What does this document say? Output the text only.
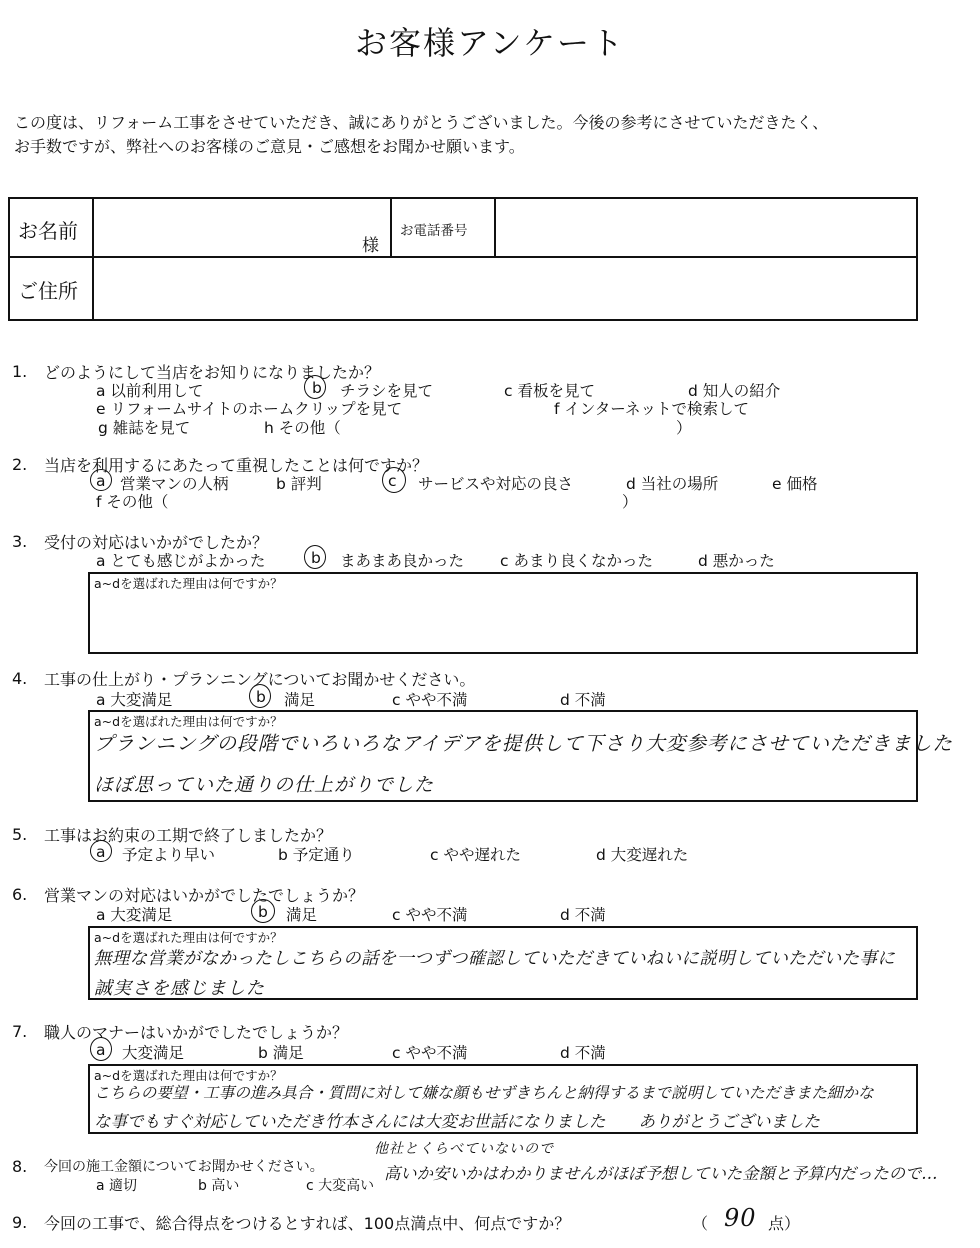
お客様アンケート
この度は、リフォーム工事をさせていただき、誠にありがとうございました。今後の参考にさせていただきたく、
お手数ですが、弊社へのお客様のご意見・ご感想をお聞かせ願います。
お名前
様
お電話番号
ご住所
1. どのようにして当店をお知りになりましたか？
a 以前利用して	b チラシを見て	c 看板を見て	d 知人の紹介
e リフォームサイトのホームクリップを見て	f インターネットで検索して
g 雑誌を見て	h その他（	）
2. 当店を利用するにあたって重視したことは何ですか？
a 営業マンの人柄	b 評判	c サービスや対応の良さ	d 当社の場所	e 価格
f その他（	）
3. 受付の対応はいかがでしたか？
a とても感じがよかった	b まあまあ良かった c あまり良くなかった	d 悪かった
a~dを選ばれた理由は何ですか？
4. 工事の仕上がり・プランニングについてお聞かせください。
a 大変満足	b 満足	c やや不満	d 不満
a~dを選ばれた理由は何ですか？
プランニングの段階でいろいろなアイデアを提供して下さり大変参考にさせていただきました
ほぼ思っていた通りの仕上がりでした
5. 工事はお約束の工期で終了しましたか？
a 予定より早い	b 予定通り	c やや遅れた	d 大変遅れた
6. 営業マンの対応はいかがでしたでしょうか？
a 大変満足	b 満足	c やや不満	d 不満
a~dを選ばれた理由は何ですか？
無理な営業がなかったしこちらの話を一つずつ確認していただきていねいに説明していただいた事に
誠実さを感じました
7. 職人のマナーはいかがでしたでしょうか？
a 大変満足	b 満足	c やや不満	d 不満
a~dを選ばれた理由は何ですか？
こちらの要望・工事の進み具合・質問に対して嫌な顔もせずきちんと納得するまで説明していただきまた細かな
な事でもすぐ対応していただき竹本さんには大変お世話になりました　　ありがとうございました
8. 今回の施工金額についてお聞かせください。
a 適切	b 高い	c 大変高い
他社とくらべていないので
高いか安いかはわかりませんがほぼ予想していた金額と予算内だったので…
9. 今回の工事で、総合得点をつけるとすれば、100点満点中、何点ですか？	（ 90 点）
